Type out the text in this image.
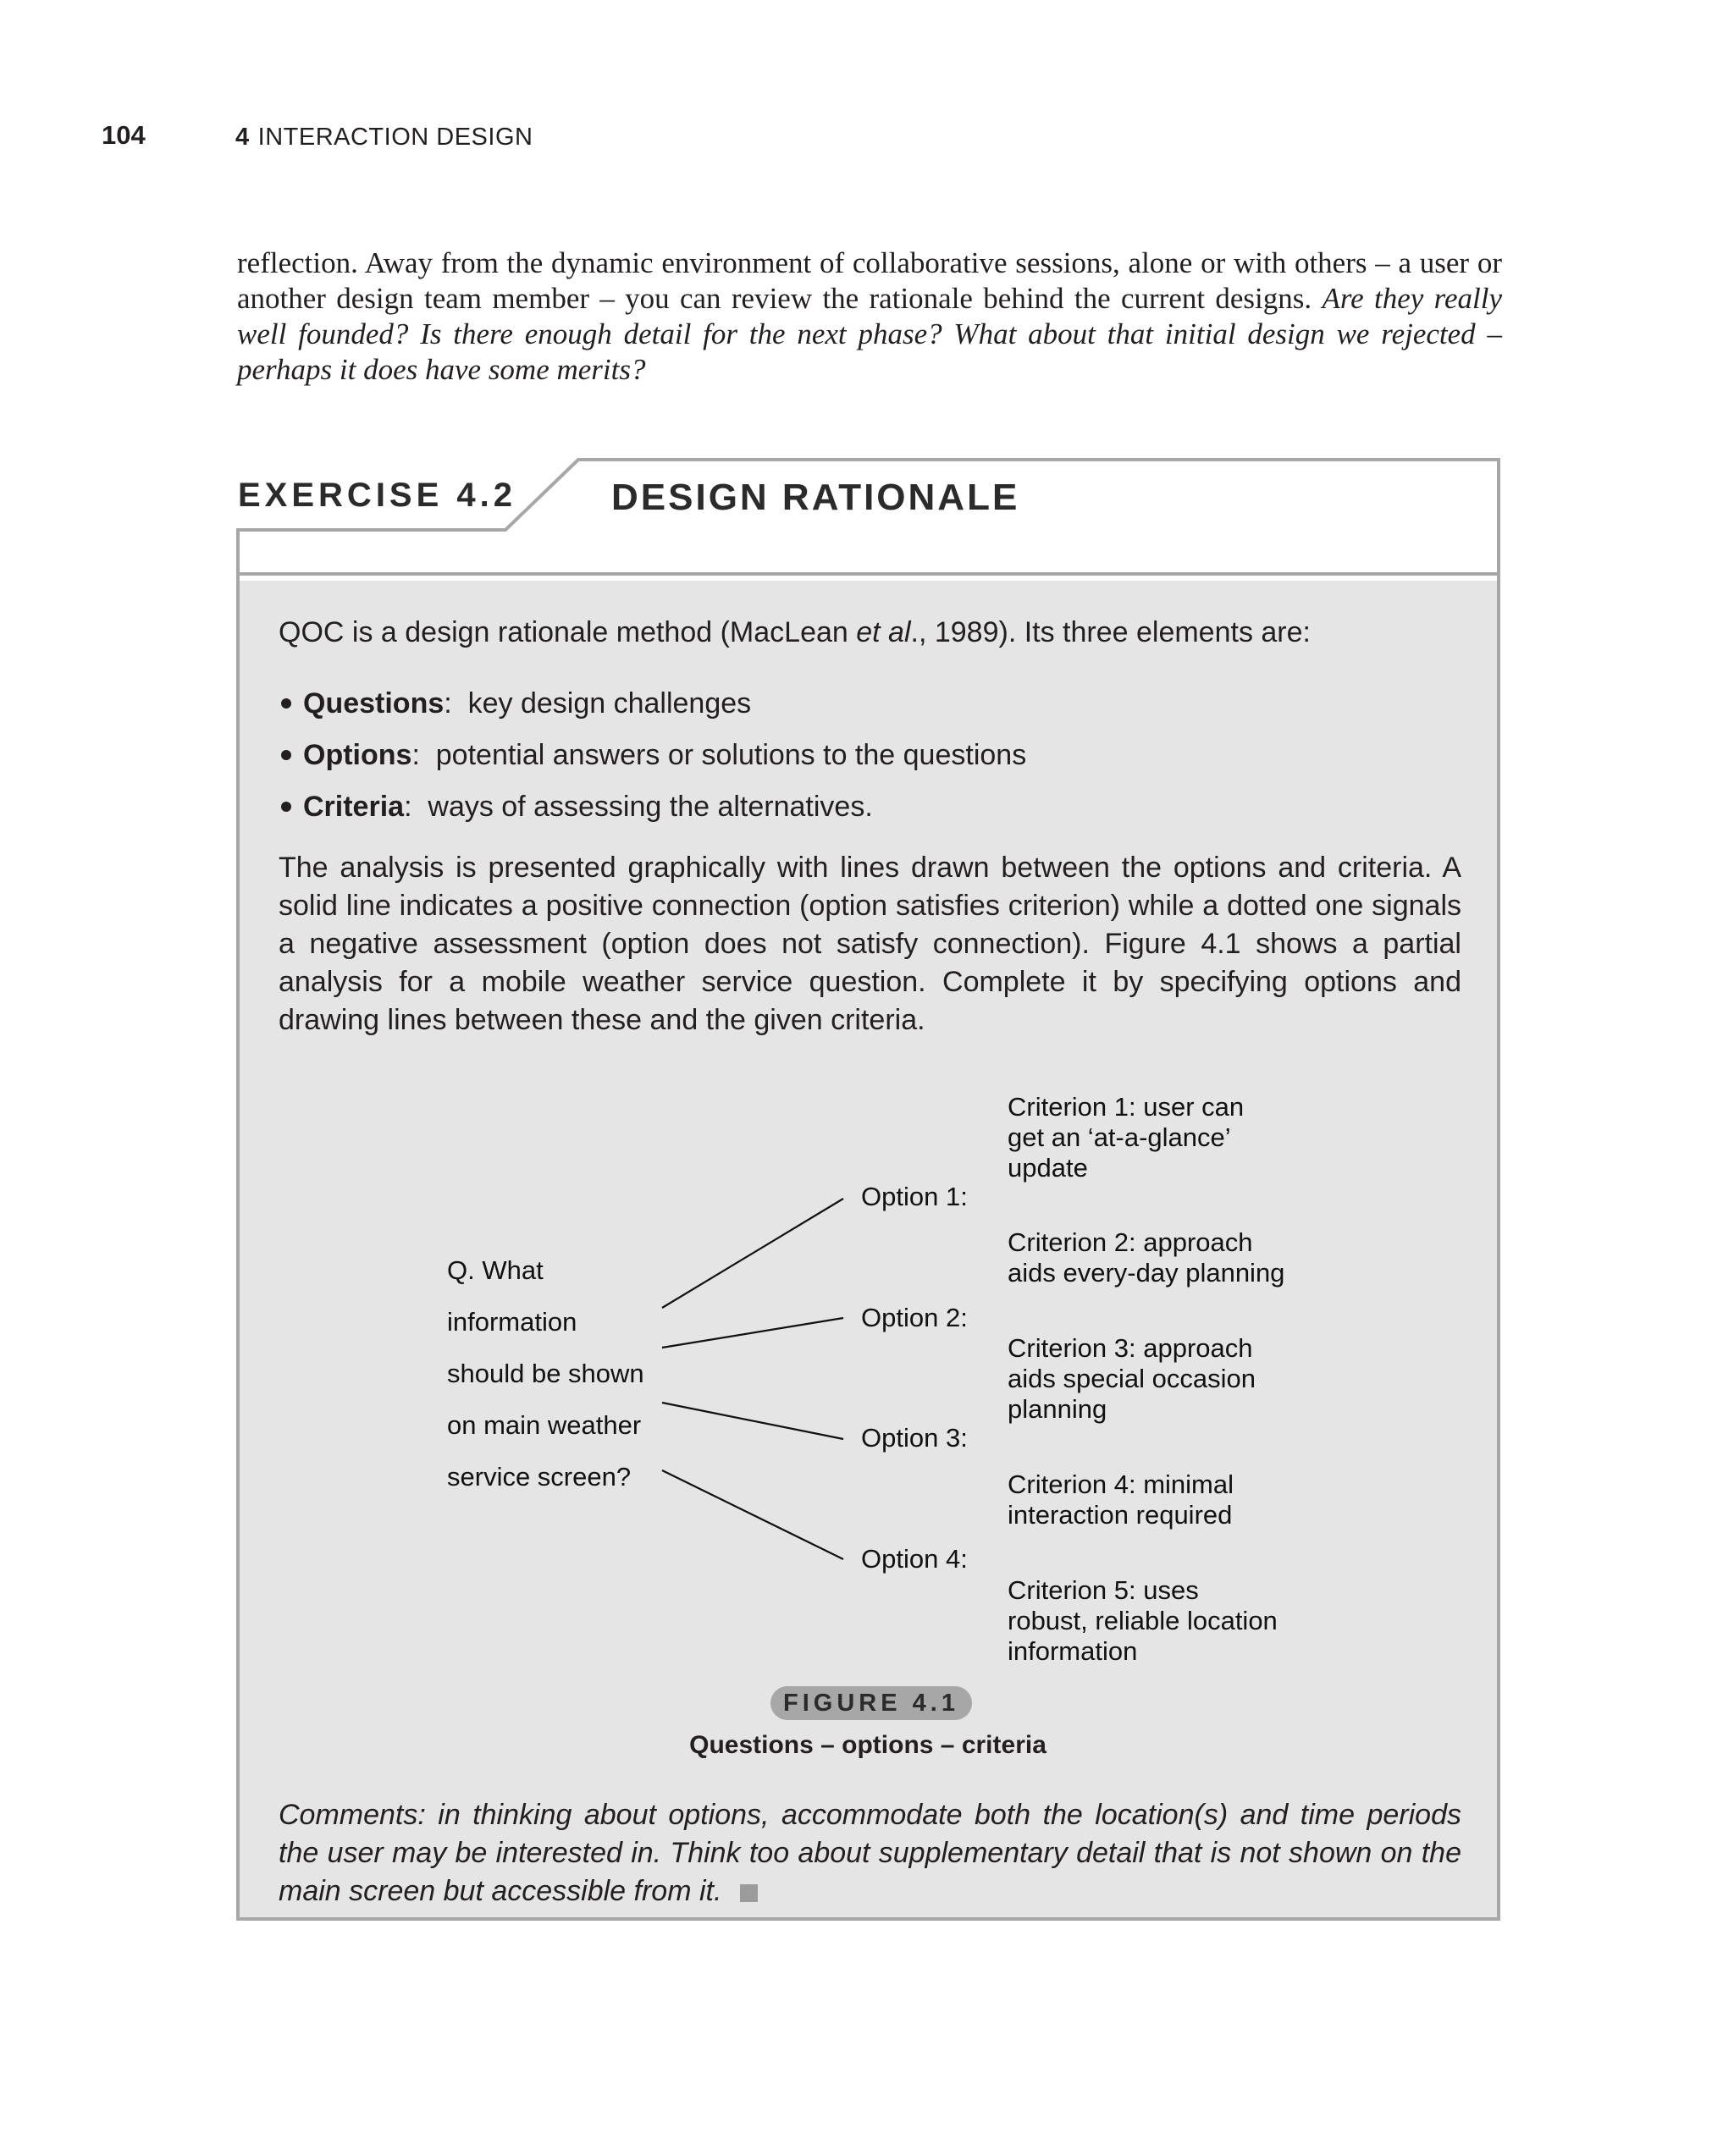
104	4 INTERACTION DESIGN

reflection. Away from the dynamic environment of collaborative sessions, alone or with others – a user or another design team member – you can review the rationale behind the current designs. Are they really well founded? Is there enough detail for the next phase? What about that initial design we rejected – perhaps it does have some merits?

EXERCISE 4.2	DESIGN RATIONALE

QOC is a design rationale method (MacLean et al., 1989). Its three elements are:

Questions :  key design challenges
Options :  potential answers or solutions to the questions
Criteria :  ways of assessing the alternatives.

The analysis is presented graphically with lines drawn between the options and criteria. A solid line indicates a positive connection (option satisfies criterion) while a dotted one signals a negative assessment (option does not satisfy connection). Figure 4.1 shows a partial analysis for a mobile weather service question. Complete it by specifying options and drawing lines between these and the given criteria.

Q. What
information
should be shown
on main weather
service screen?
Option 1:
Option 2:
Option 3:
Option 4:
Criterion 1: user can
get an ‘at-a-glance’
update
Criterion 2: approach
aids every-day planning
Criterion 3: approach
aids special occasion
planning
Criterion 4: minimal
interaction required
Criterion 5: uses
robust, reliable location
information
FIGURE 4.1
Questions – options – criteria

Comments: in thinking about options, accommodate both the location(s) and time periods the user may be interested in. Think too about supplementary detail that is not shown on the main screen but accessible from it.
